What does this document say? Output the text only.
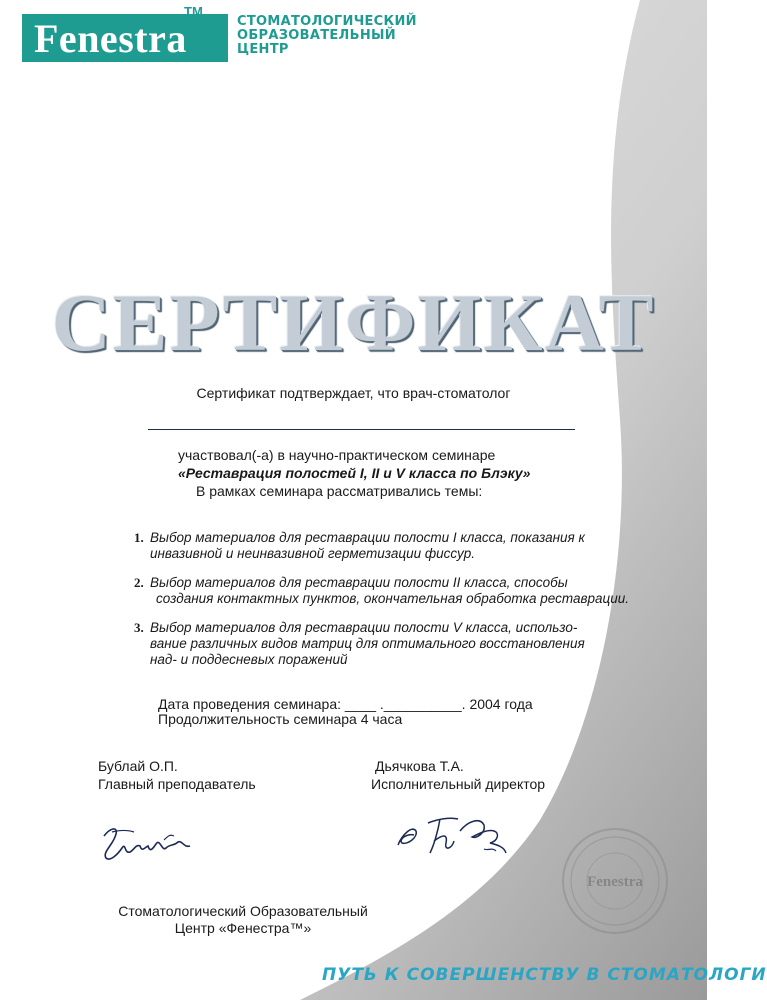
Fenestra
TM
СТОМАТОЛОГИЧЕСКИЙ
ОБРАЗОВАТЕЛЬНЫЙ
ЦЕНТР
СЕРТИФИКАТ
Сертификат подтверждает, что врач-стоматолог
участвовал(-а) в научно-практическом семинаре
«Реставрация полостей I, II и V класса по Блэку»
В рамках семинара рассматривались темы:
1. Выбор материалов для реставрации полости I класса, показания к
инвазивной и неинвазивной герметизации фиссур.
2. Выбор материалов для реставрации полости II класса, способы
создания контактных пунктов, окончательная обработка реставрации.
3. Выбор материалов для реставрации полости V класса, использо-
вание различных видов матриц для оптимального восстановления
над- и поддесневых поражений
Дата проведения семинара: ____ .__________. 2004 года
Продолжительность семинара 4 часа
Бублай О.П.
Главный преподаватель
Дьячкова Т.А.
Исполнительный директор
Fenestra
Стоматологический Образовательный
Центр «Фенестра™»
ПУТЬ К СОВЕРШЕНСТВУ В СТОМАТОЛОГИ
